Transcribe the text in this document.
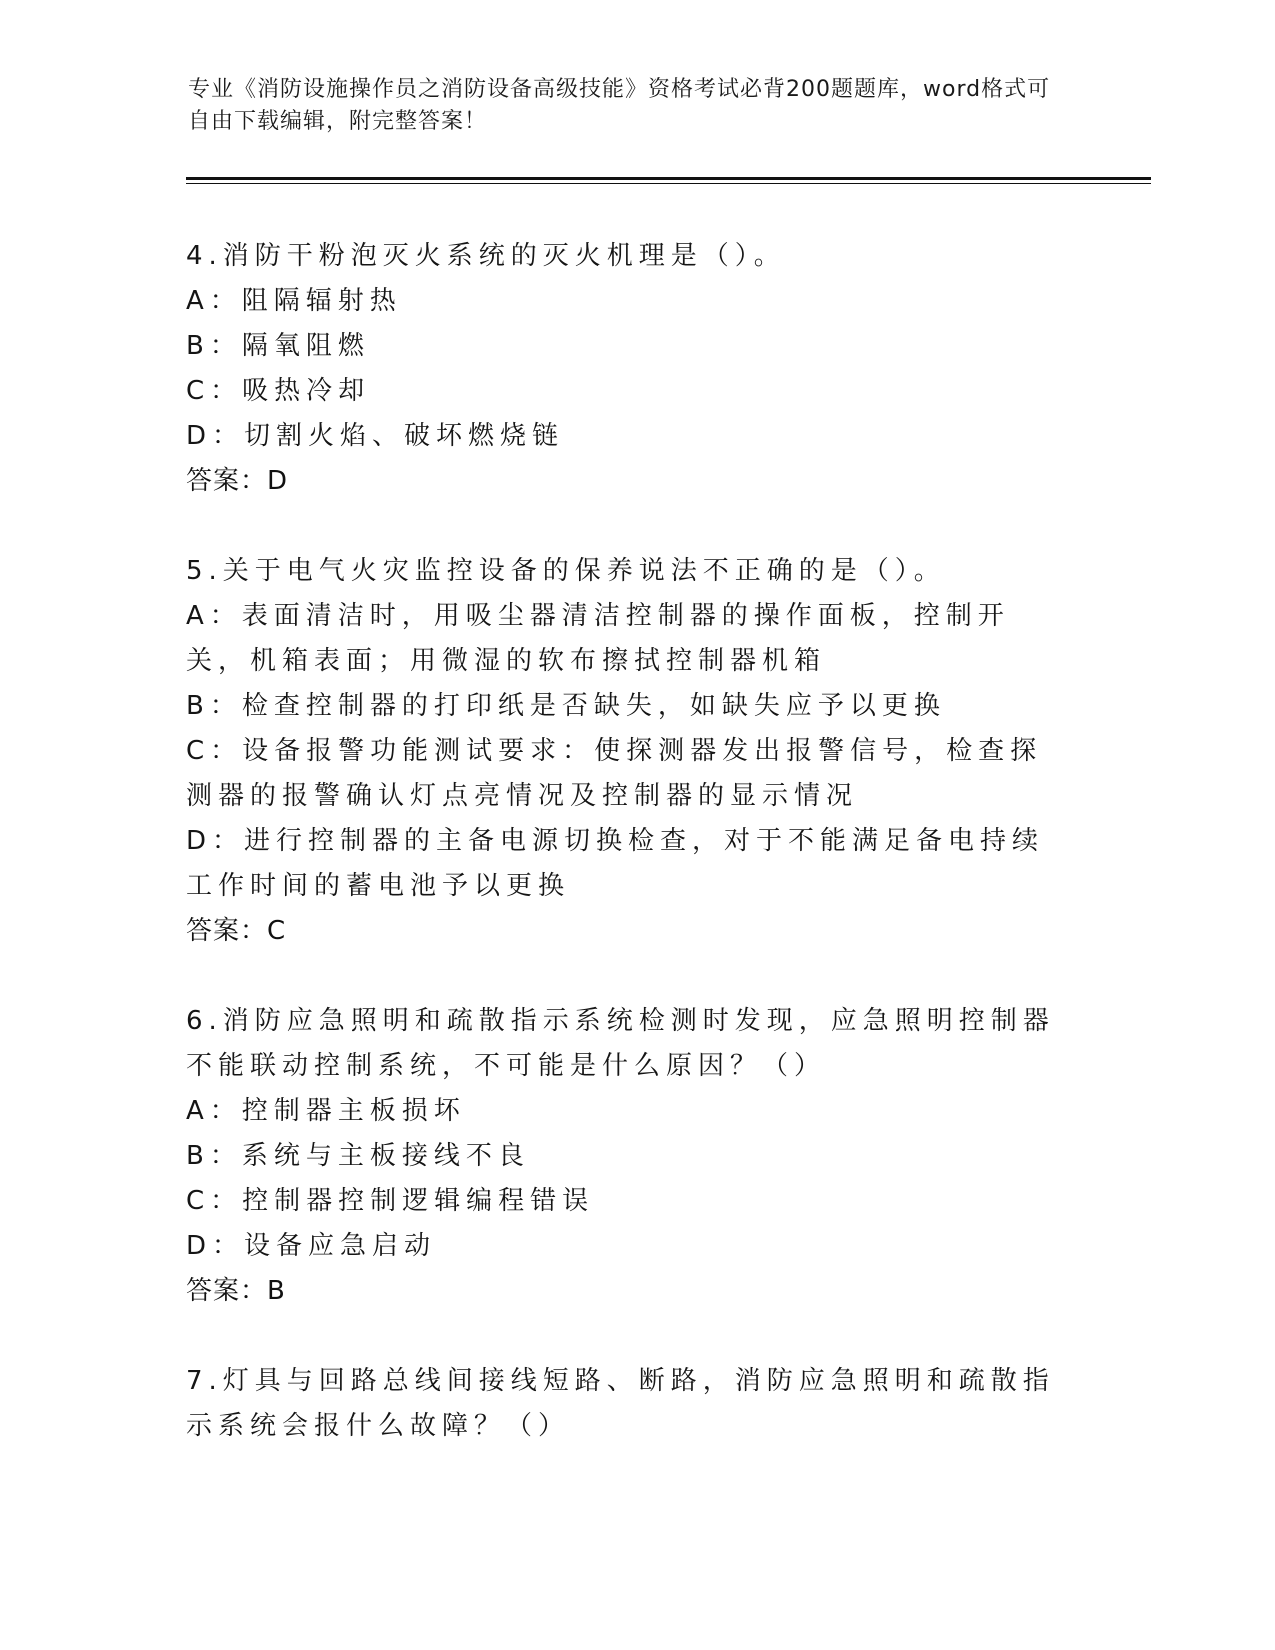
专业《消防设施操作员之消防设备高级技能》资格考试必背200题题库，word格式可自由下载编辑，附完整答案！
4.消防干粉泡灭火系统的灭火机理是（）。
A：阻隔辐射热
B：隔氧阻燃
C：吸热冷却
D：切割火焰、破坏燃烧链
答案：D
5.关于电气火灾监控设备的保养说法不正确的是（）。
A：表面清洁时，用吸尘器清洁控制器的操作面板，控制开关，机箱表面；用微湿的软布擦拭控制器机箱
B：检查控制器的打印纸是否缺失，如缺失应予以更换
C：设备报警功能测试要求：使探测器发出报警信号，检查探测器的报警确认灯点亮情况及控制器的显示情况
D：进行控制器的主备电源切换检查，对于不能满足备电持续工作时间的蓄电池予以更换
答案：C
6.消防应急照明和疏散指示系统检测时发现，应急照明控制器不能联动控制系统，不可能是什么原因？（）
A：控制器主板损坏
B：系统与主板接线不良
C：控制器控制逻辑编程错误
D：设备应急启动
答案：B
7.灯具与回路总线间接线短路、断路，消防应急照明和疏散指示系统会报什么故障？（）
